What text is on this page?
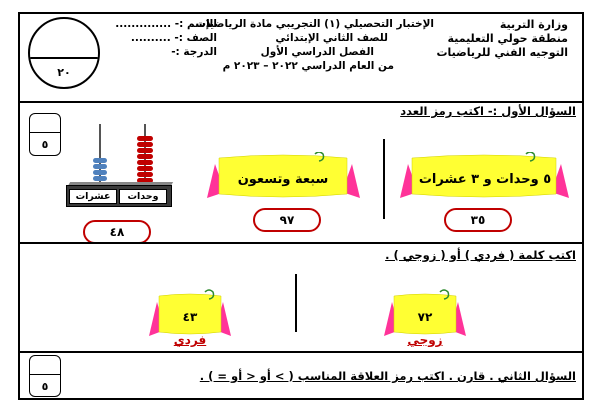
وزارة التربية
منطقة حولي التعليمية
التوجيه الفني للرياضيات
الإختبار التحصيلي (١) التجريبي مادة الرياضيات
للصف الثاني الإبتدائي
الفصل الدراسي الأول
من العام الدراسي ٢٠٢٢ – ٢٠٢٣ م
الإسم :- ..............
الصف :- ..........
الدرجة :-
٢٠
السؤال الأول :- اكتب رمز العدد
٥
٥ وحدات و ٣ عشرات
٣٥
سبعة وتسعون
٩٧
عشرات	وحدات
٤٨
اكتب كلمة ( فردي ) أو ( زوجي ) .
٧٢
زوجي
٤٣
فردي
السؤال الثاني . قارن . اكتب رمز العلاقة المناسب ( > أو < أو = ) .
٥
